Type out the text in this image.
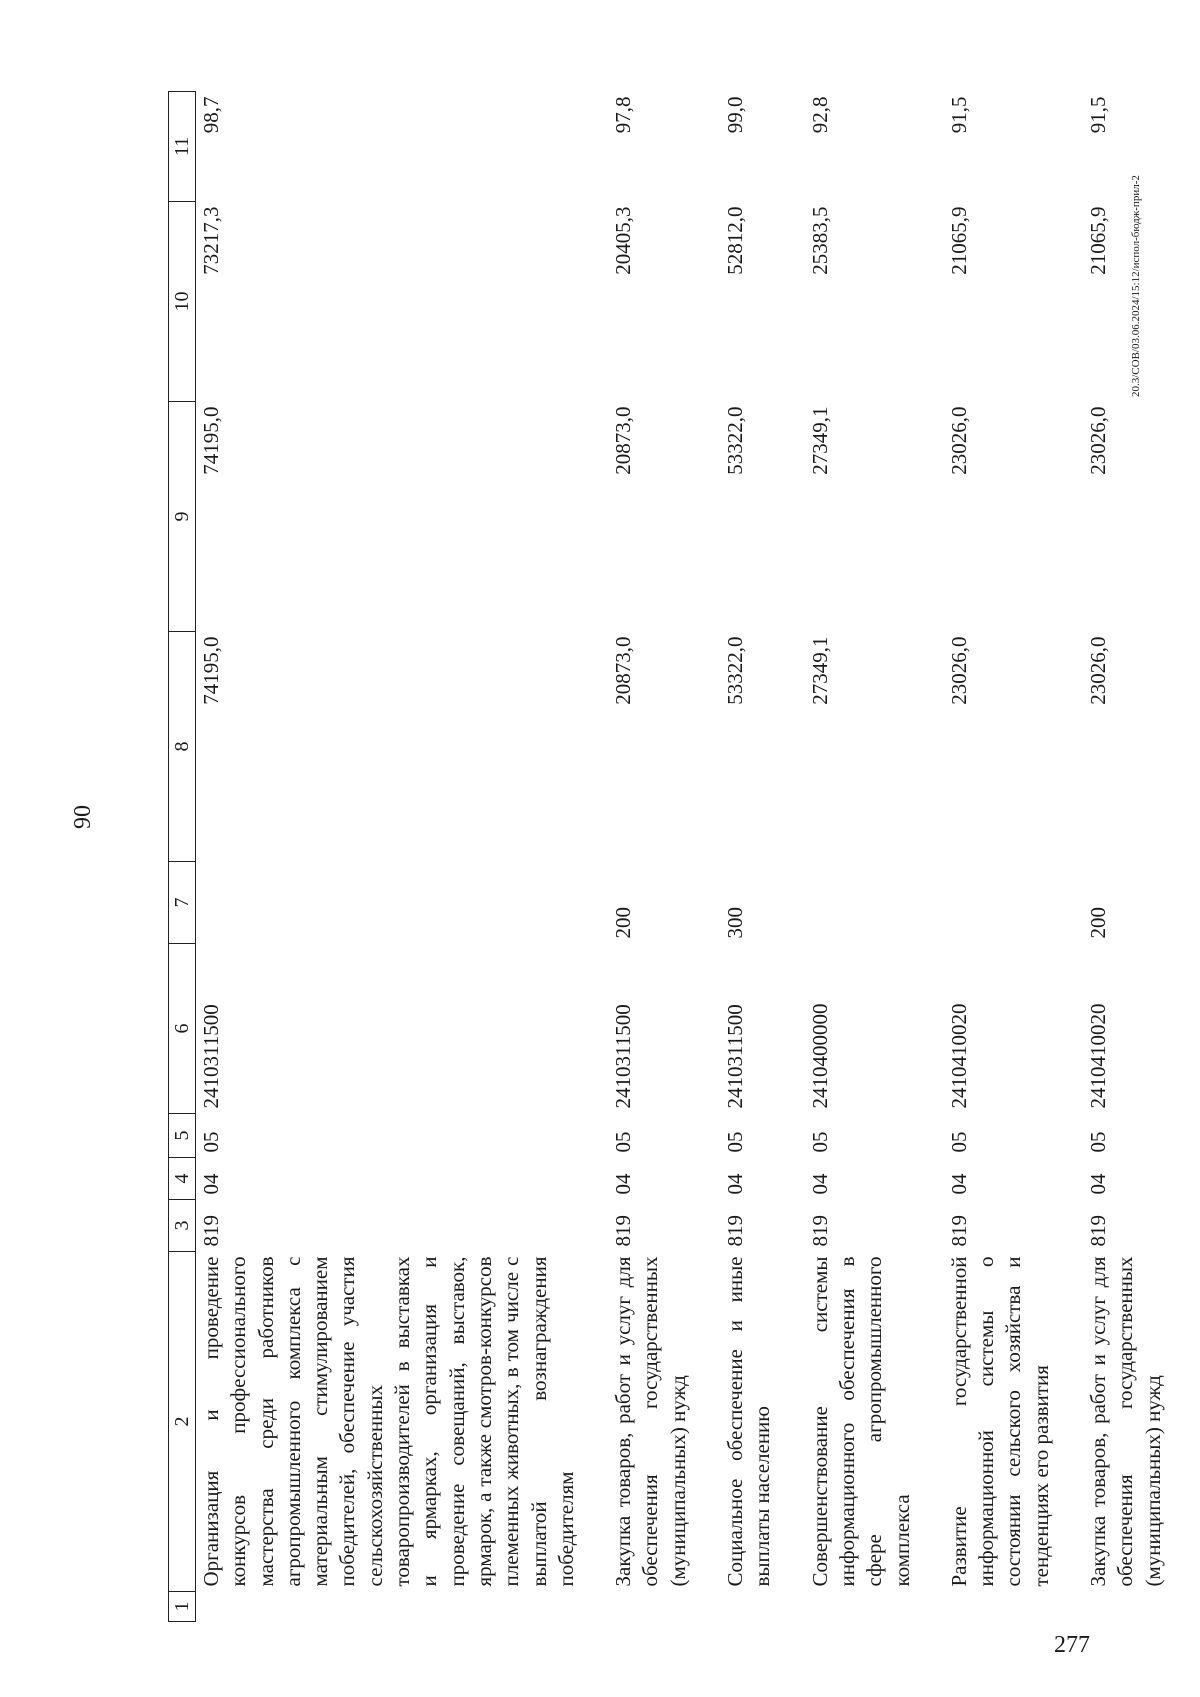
90
1	2	3	4	5	6	7	8	9	10	11
	Организация и проведение конкурсов профессионального мастерства среди работников агропромышленного комплекса с материальным стимулированием победителей, обеспечение участия сельскохозяйственных товаропроизводителей в выставках и ярмарках, организация и проведение совещаний, выставок, ярмарок, а также смотров-конкурсов племенных животных, в том числе с выплатой вознаграждения победителям	819	04	05	2410311500		74195,0	74195,0	73217,3	98,7
	Закупка товаров, работ и услуг для обеспечения государственных (муниципальных) нужд	819	04	05	2410311500	200	20873,0	20873,0	20405,3	97,8
	Социальное обеспечение и иные выплаты населению	819	04	05	2410311500	300	53322,0	53322,0	52812,0	99,0
	Совершенствование системы информационного обеспечения в сфере агропромышленного комплекса	819	04	05	2410400000		27349,1	27349,1	25383,5	92,8
	Развитие государственной информационной системы о состоянии сельского хозяйства и тенденциях его развития	819	04	05	2410410020		23026,0	23026,0	21065,9	91,5
	Закупка товаров, работ и услуг для обеспечения государственных (муниципальных) нужд	819	04	05	2410410020	200	23026,0	23026,0	21065,9	91,5
20.3/СОВ/03.06.2024/15:12/испол-бюдж-прил-2
277
